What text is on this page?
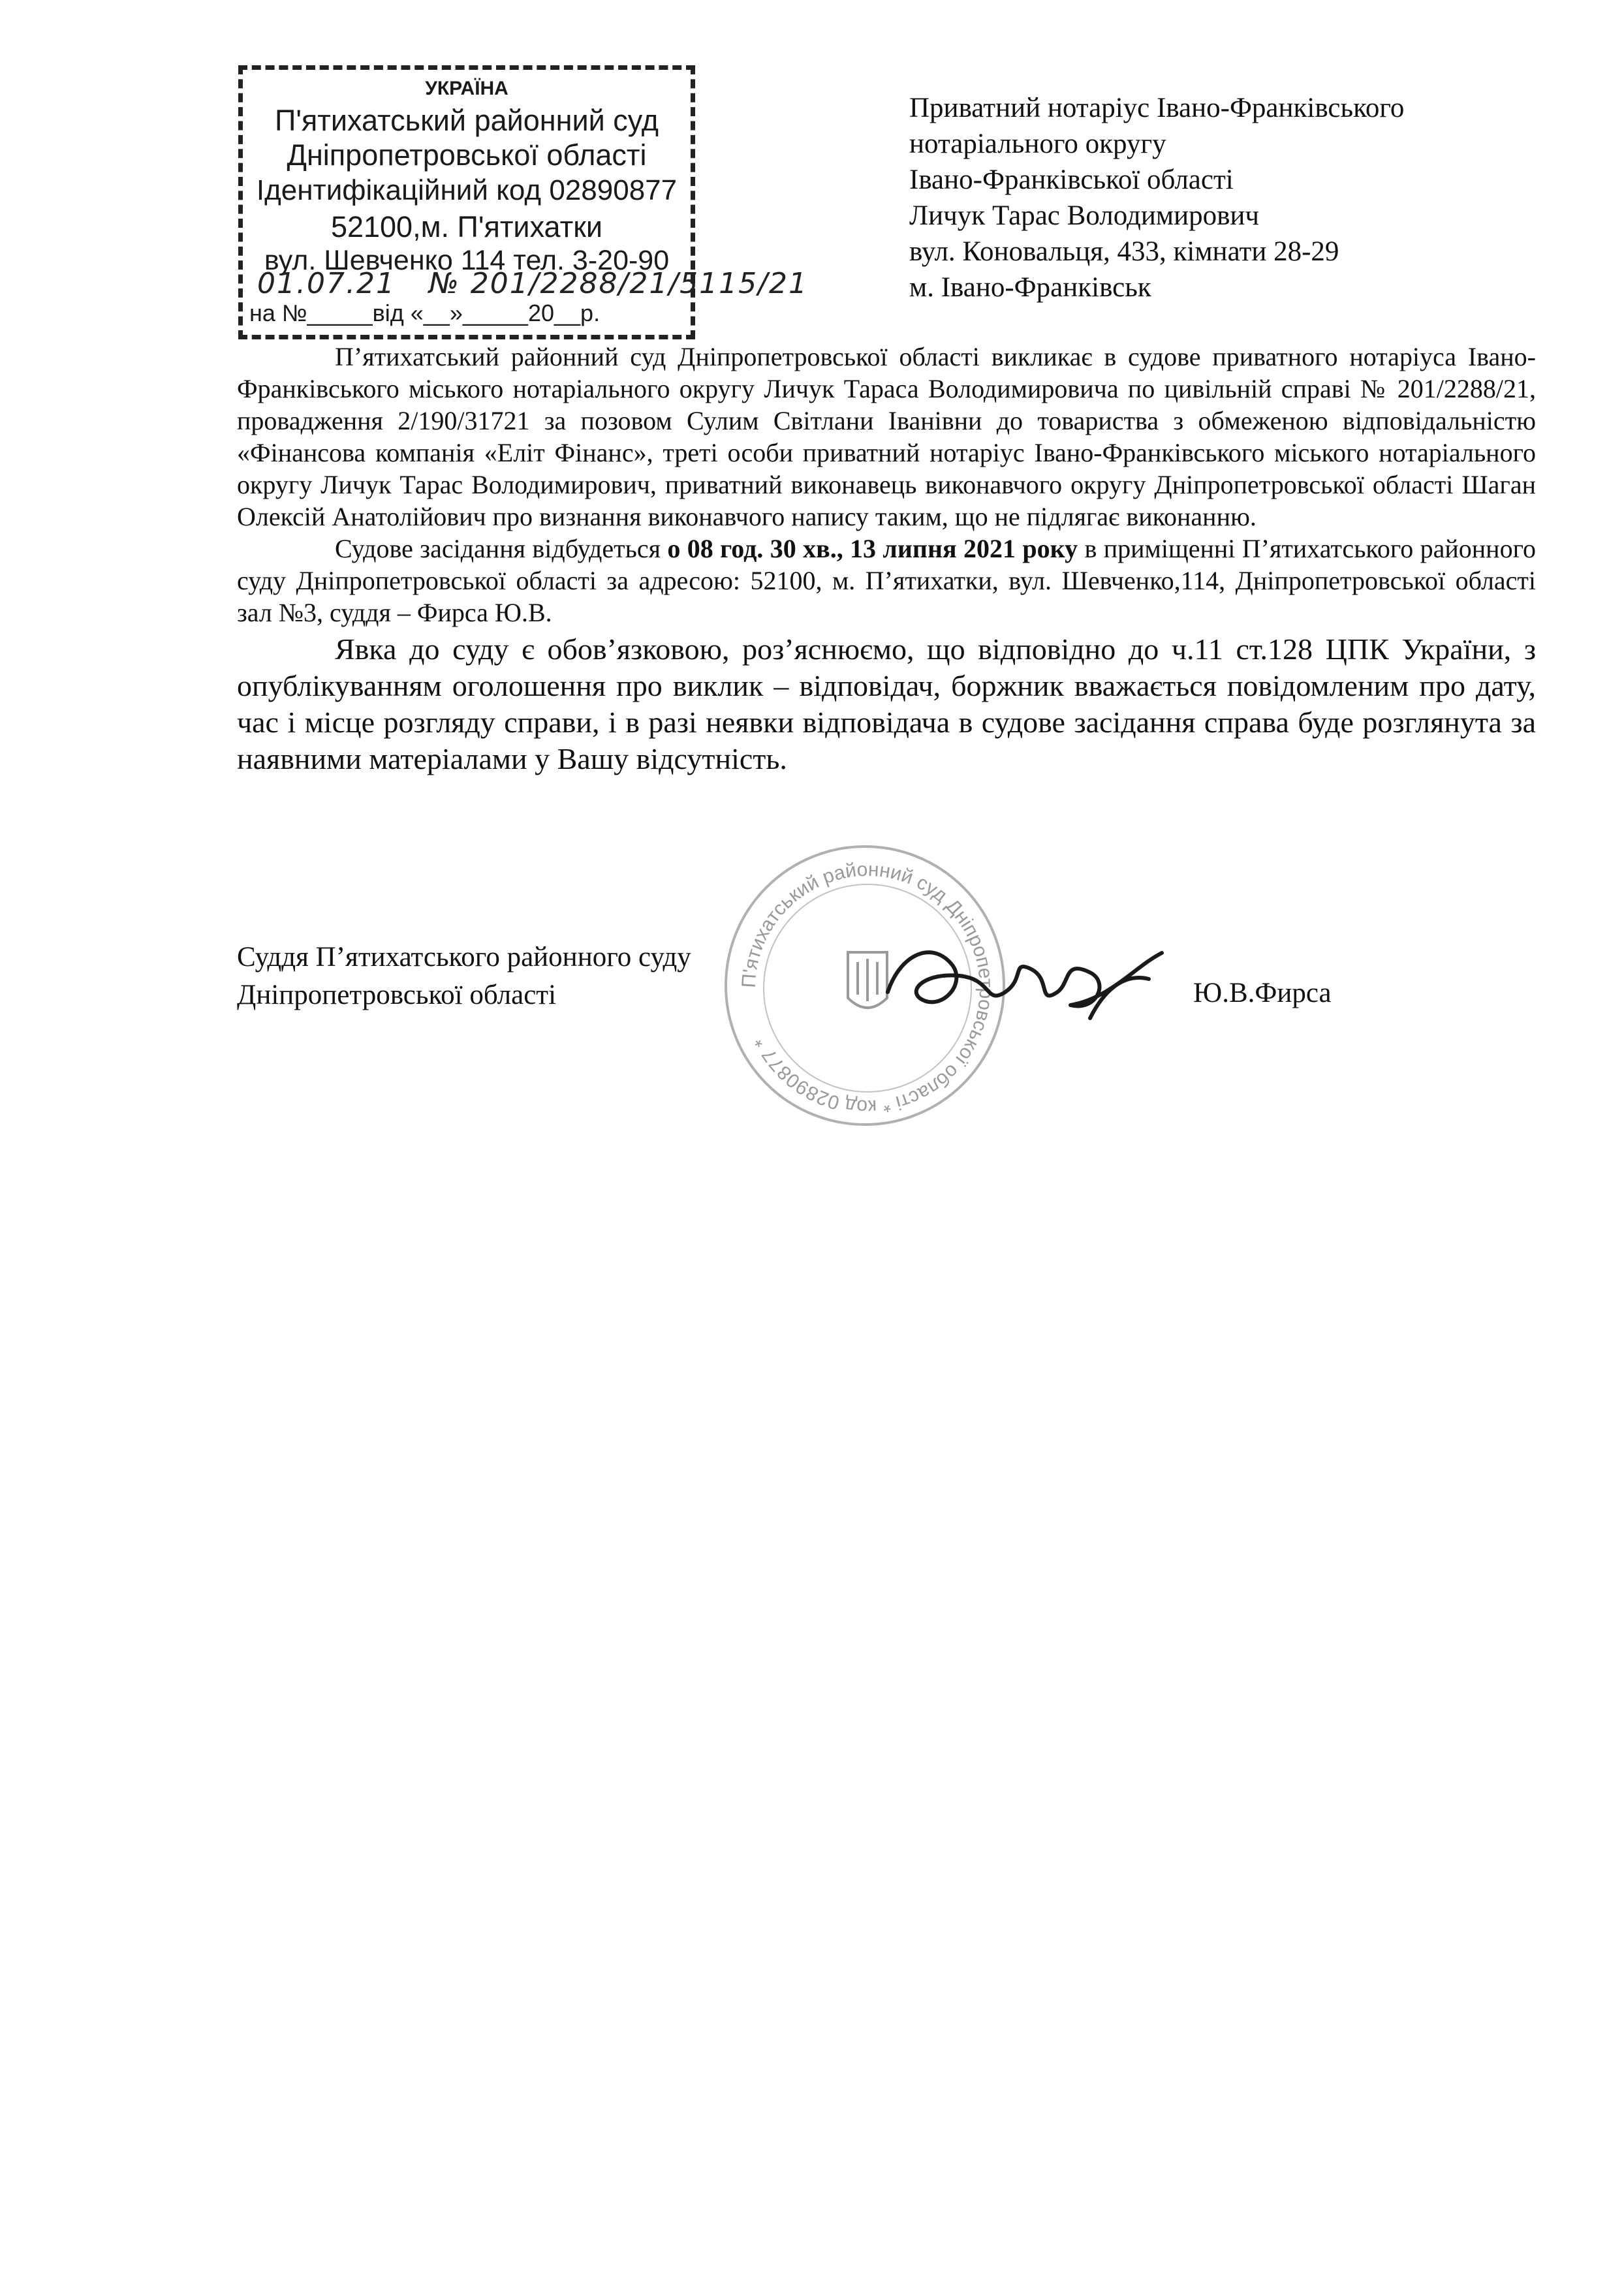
УКРАЇНА
П'ятихатський районний суд
Дніпропетровської області
Ідентифікаційний код 02890877
52100,м. П'ятихатки
вул. Шевченко 114 тел. 3-20-90
01.07.21 № 201/2288/21/5115/21
на №_____від «__»_____20__р.
Приватний нотаріус Івано-Франківського
нотаріального округу
Івано-Франківської області
Личук Тарас Володимирович
вул. Коновальця, 433, кімнати 28-29
м. Івано-Франківськ

П’ятихатський районний суд Дніпропетровської області викликає в судове приватного нотаріуса Івано-Франківського міського нотаріального округу Личук Тараса Володимировича по цивільній справі № 201/2288/21, провадження 2/190/31721 за позовом Сулим Світлани Іванівни до товариства з обмеженою відповідальністю «Фінансова компанія «Еліт Фінанс», треті особи приватний нотаріус Івано-Франківського міського нотаріального округу Личук Тарас Володимирович, приватний виконавець виконавчого округу Дніпропетровської області Шаган Олексій Анатолійович про визнання виконавчого напису таким, що не підлягає виконанню.

Судове засідання відбудеться о 08 год. 30 хв., 13 липня 2021 року в приміщенні П’ятихатського районного суду Дніпропетровської області за адресою: 52100, м. П’ятихатки, вул. Шевченко,114, Дніпропетровської області зал №3, суддя – Фирса Ю.В.

Явка до суду є обов’язковою, роз’яснюємо, що відповідно до ч.11 ст.128 ЦПК України, з опублікуванням оголошення про виклик – відповідач, боржник вважається повідомленим про дату, час і місце розгляду справи, і в разі неявки відповідача в судове засідання справа буде розглянута за наявними матеріалами у Вашу відсутність.

П'ятихатський районний суд Дніпропетровської області * код 02890877 *
Суддя П’ятихатського районного суду
Дніпропетровської області	Ю.В.Фирса
